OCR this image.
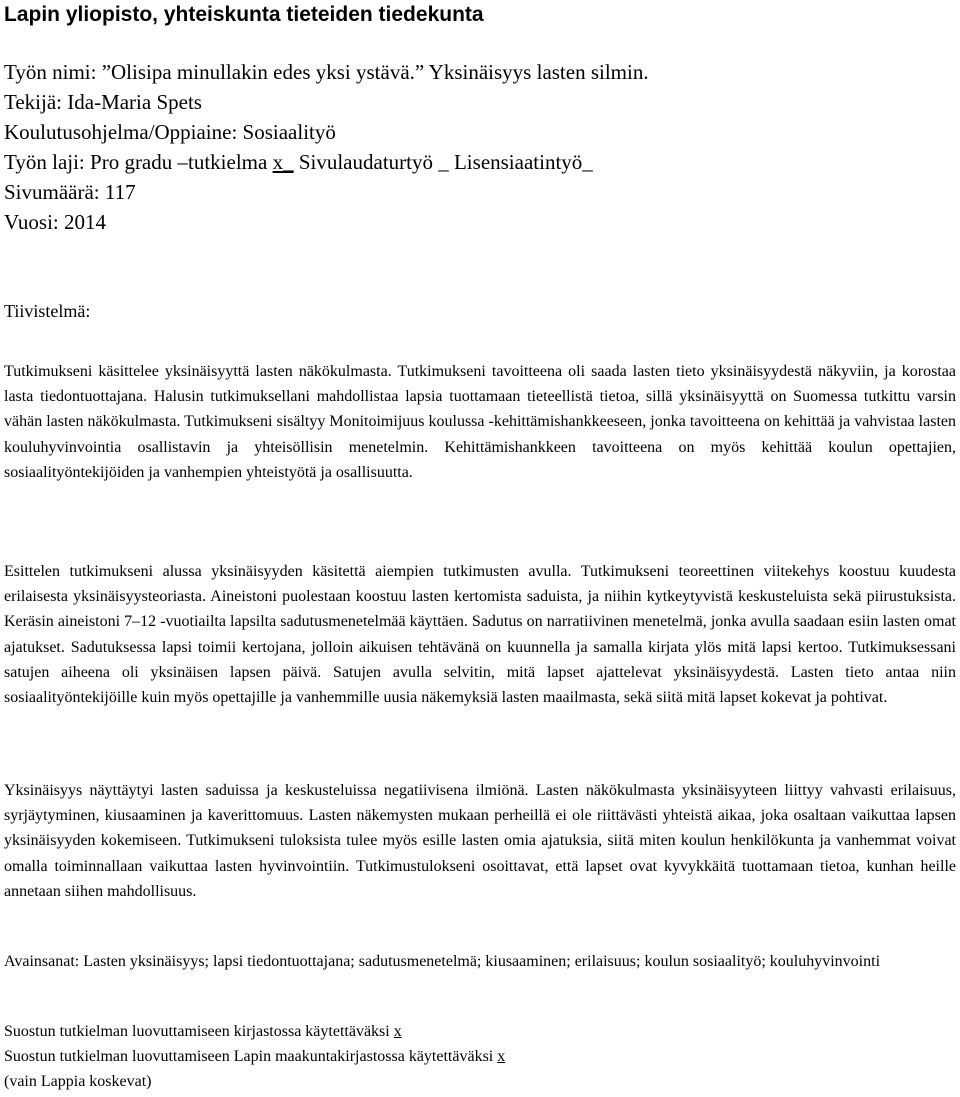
Lapin yliopisto, yhteiskunta tieteiden tiedekunta
Työn nimi: ”Olisipa minullakin edes yksi ystävä.” Yksinäisyys lasten silmin.
Tekijä: Ida-Maria Spets
Koulutusohjelma/Oppiaine: Sosiaalityö
Työn laji: Pro gradu –tutkielma x_ Sivulaudaturtyö _ Lisensiaatintyö_
Sivumäärä: 117
Vuosi: 2014
Tiivistelmä:

Tutkimukseni käsittelee yksinäisyyttä lasten näkökulmasta. Tutkimukseni tavoitteena oli saada lasten tieto yksinäisyydestä näkyviin, ja korostaa lasta tiedontuottajana. Halusin tutkimuksellani mahdollistaa lapsia tuottamaan tieteellistä tietoa, sillä yksinäisyyttä on Suomessa tutkittu varsin vähän lasten näkökulmasta. Tutkimukseni sisältyy Monitoimijuus koulussa -kehittämishankkeeseen, jonka tavoitteena on kehittää ja vahvistaa lasten kouluhyvinvointia osallistavin ja yhteisöllisin menetelmin. Kehittämishankkeen tavoitteena on myös kehittää koulun opettajien, sosiaalityöntekijöiden ja vanhempien yhteistyötä ja osallisuutta.

Esittelen tutkimukseni alussa yksinäisyyden käsitettä aiempien tutkimusten avulla. Tutkimukseni teoreettinen viitekehys koostuu kuudesta erilaisesta yksinäisyysteoriasta. Aineistoni puolestaan koostuu lasten kertomista saduista, ja niihin kytkeytyvistä keskusteluista sekä piirustuksista. Keräsin aineistoni 7–12 -vuotiailta lapsilta sadutusmenetelmää käyttäen. Sadutus on narratiivinen menetelmä, jonka avulla saadaan esiin lasten omat ajatukset. Sadutuksessa lapsi toimii kertojana, jolloin aikuisen tehtävänä on kuunnella ja samalla kirjata ylös mitä lapsi kertoo. Tutkimuksessani satujen aiheena oli yksinäisen lapsen päivä. Satujen avulla selvitin, mitä lapset ajattelevat yksinäisyydestä. Lasten tieto antaa niin sosiaalityöntekijöille kuin myös opettajille ja vanhemmille uusia näkemyksiä lasten maailmasta, sekä siitä mitä lapset kokevat ja pohtivat.

Yksinäisyys näyttäytyi lasten saduissa ja keskusteluissa negatiivisena ilmiönä. Lasten näkökulmasta yksinäisyyteen liittyy vahvasti erilaisuus, syrjäytyminen, kiusaaminen ja kaverittomuus. Lasten näkemysten mukaan perheillä ei ole riittävästi yhteistä aikaa, joka osaltaan vaikuttaa lapsen yksinäisyyden kokemiseen. Tutkimukseni tuloksista tulee myös esille lasten omia ajatuksia, siitä miten koulun henkilökunta ja vanhemmat voivat omalla toiminnallaan vaikuttaa lasten hyvinvointiin. Tutkimustulokseni osoittavat, että lapset ovat kyvykkäitä tuottamaan tietoa, kunhan heille annetaan siihen mahdollisuus.

Avainsanat: Lasten yksinäisyys; lapsi tiedontuottajana; sadutusmenetelmä; kiusaaminen; erilaisuus; koulun sosiaalityö; kouluhyvinvointi

Suostun tutkielman luovuttamiseen kirjastossa käytettäväksi x
Suostun tutkielman luovuttamiseen Lapin maakuntakirjastossa käytettäväksi x
(vain Lappia koskevat)
